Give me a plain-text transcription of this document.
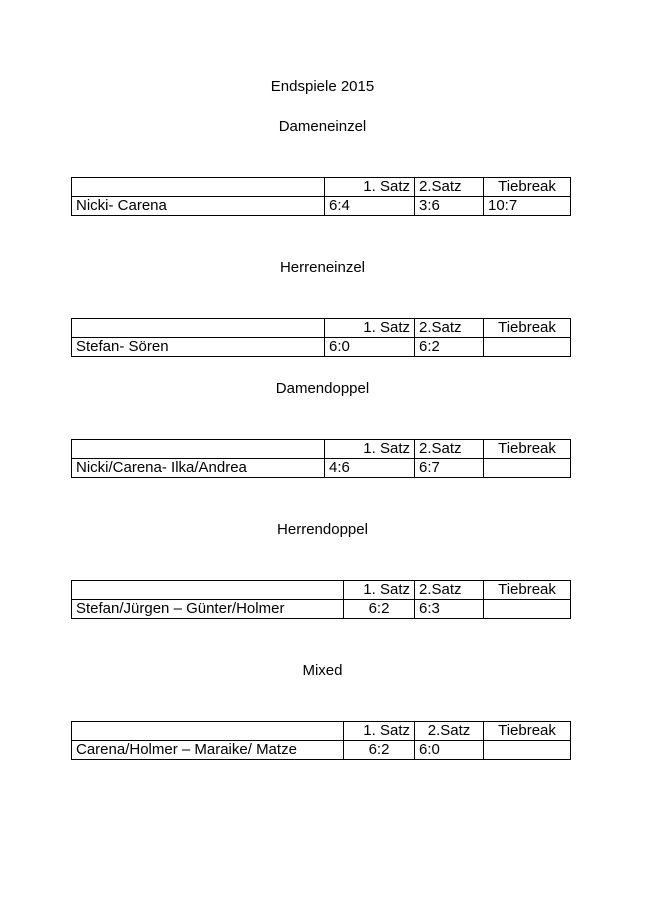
Endspiele 2015
Dameneinzel
	1. Satz	2.Satz	Tiebreak
Nicki- Carena	6:4	3:6	10:7
Herreneinzel
	1. Satz	2.Satz	Tiebreak
Stefan- Sören	6:0	6:2	
Damendoppel
	1. Satz	2.Satz	Tiebreak
Nicki/Carena- Ilka/Andrea	4:6	6:7	
Herrendoppel
	1. Satz	2.Satz	Tiebreak
Stefan/Jürgen – Günter/Holmer	6:2	6:3	
Mixed
	1. Satz	2.Satz	Tiebreak
Carena/Holmer – Maraike/ Matze	6:2	6:0	
